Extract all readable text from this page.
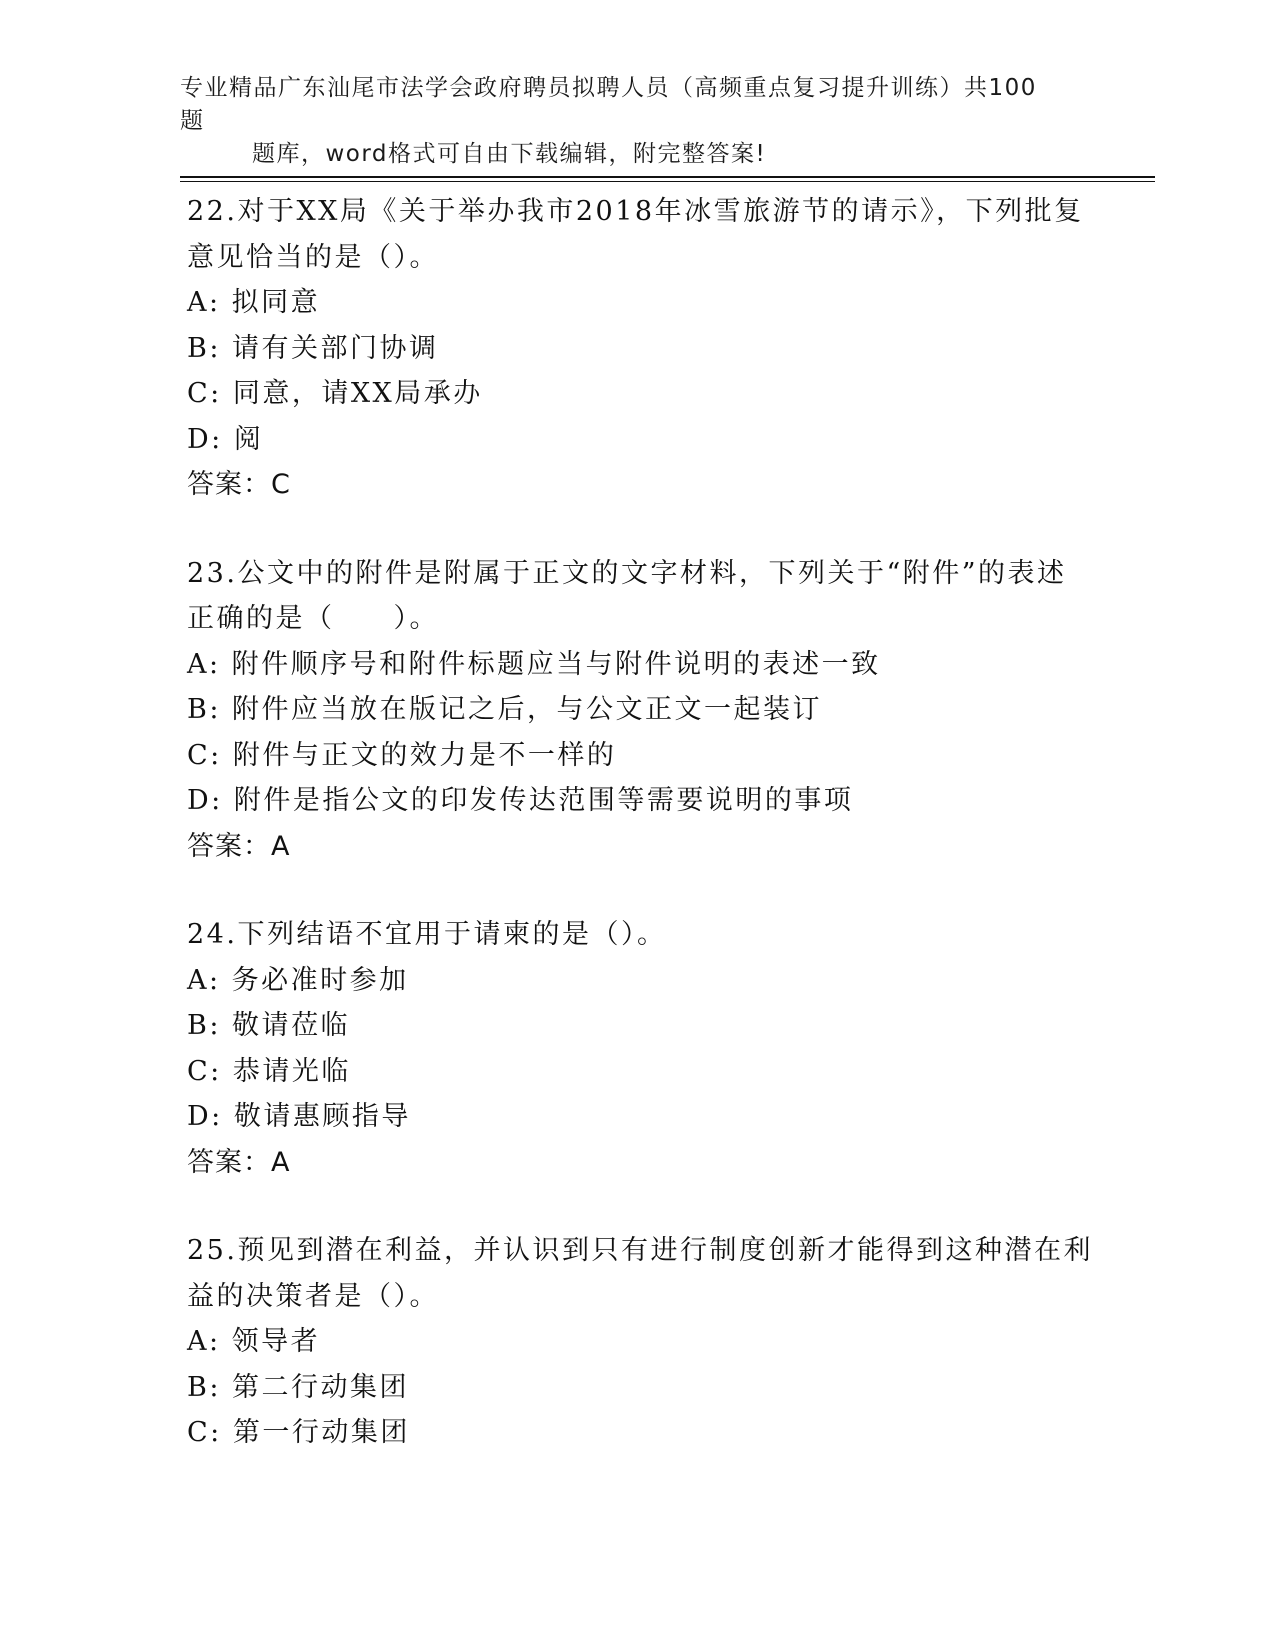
专业精品广东汕尾市法学会政府聘员拟聘人员（高频重点复习提升训练）共100题
题库，word格式可自由下载编辑，附完整答案!
22.对于XX局《关于举办我市2018年冰雪旅游节的请示》，下列批复
意见恰当的是（）。
A: 拟同意
B: 请有关部门协调
C: 同意，请XX局承办
D: 阅
答案：C
23.公文中的附件是附属于正文的文字材料，下列关于“附件”的表述
正确的是（　　）。
A: 附件顺序号和附件标题应当与附件说明的表述一致
B: 附件应当放在版记之后，与公文正文一起装订
C: 附件与正文的效力是不一样的
D: 附件是指公文的印发传达范围等需要说明的事项
答案：A
24.下列结语不宜用于请柬的是（）。
A: 务必准时参加
B: 敬请莅临
C: 恭请光临
D: 敬请惠顾指导
答案：A
25.预见到潜在利益，并认识到只有进行制度创新才能得到这种潜在利
益的决策者是（）。
A: 领导者
B: 第二行动集团
C: 第一行动集团
